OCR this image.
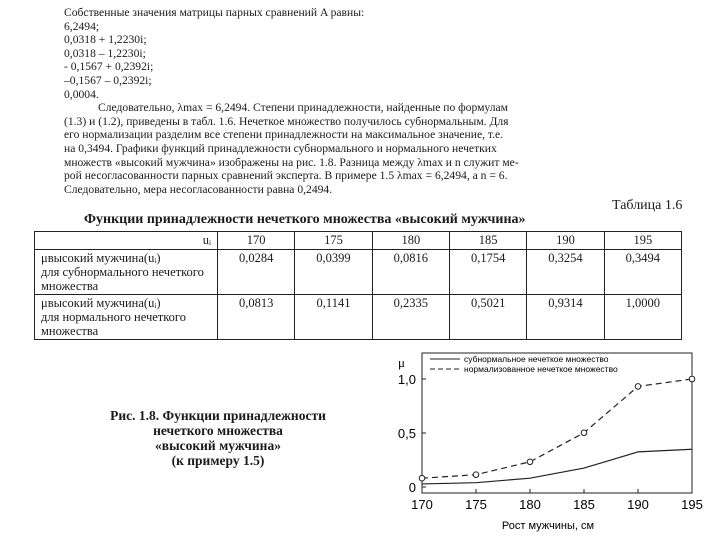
Собственные значения матрицы парных сравнений A равны:
6,2494;
0,0318 + 1,2230i;
0,0318 – 1,2230i;
- 0,1567 + 0,2392i;
–0,1567 – 0,2392i;
0,0004.
Следовательно, λmax = 6,2494. Степени принадлежности, найденные по формулам
(1.3) и (1.2), приведены в табл. 1.6. Нечеткое множество получилось субнормальным. Для
его нормализации разделим все степени принадлежности на максимальное значение, т.е.
на 0,3494. Графики функций принадлежности субнормального и нормального нечетких
множеств «высокий мужчина» изображены на рис. 1.8. Разница между λmax и n служит ме-
рой несогласованности парных сравнений эксперта. В примере 1.5 λmax = 6,2494, а n = 6.
Следовательно, мера несогласованности равна 0,2494.
Таблица 1.6
Функции принадлежности нечеткого множества «высокий мужчина»
uᵢ	170	175	180	185	190	195

μвысокий мужчина(uᵢ)
для субнормального нечеткого множества	0,0284	0,0399	0,0816	0,1754	0,3254	0,3494

μвысокий мужчина(uᵢ)
для нормального нечеткого множества	0,0813	0,1141	0,2335	0,5021	0,9314	1,0000
Рис. 1.8. Функции принадлежности
нечеткого множества
«высокий мужчина»
(к примеру 1.5)
μ	субнормальное нечеткое множество
нормализованное нечеткое множество
Рост мужчины, см
170 175 180 185 190 195
0
0,5
1,0
